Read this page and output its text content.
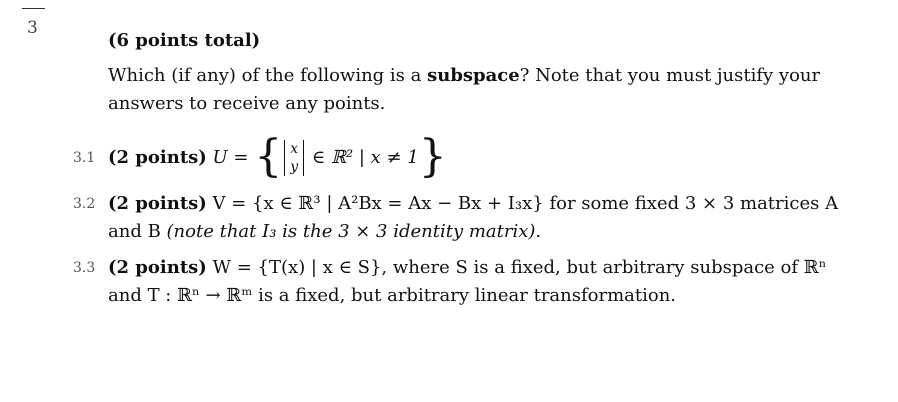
3
(6 points total)
Which (if any) of the following is a subspace? Note that you must justify your answers to receive any points.
3.1 (2 points) U = { x
y ∈ ℝ² | x ≠ 1}
3.2 (2 points) V = {x ∈ ℝ³ | A²Bx = Ax − Bx + I₃x} for some fixed 3 × 3 matrices A and B (note that I₃ is the 3 × 3 identity matrix).
3.3 (2 points) W = {T(x) | x ∈ S}, where S is a fixed, but arbitrary subspace of ℝⁿ and T : ℝⁿ → ℝᵐ is a fixed, but arbitrary linear transformation.
